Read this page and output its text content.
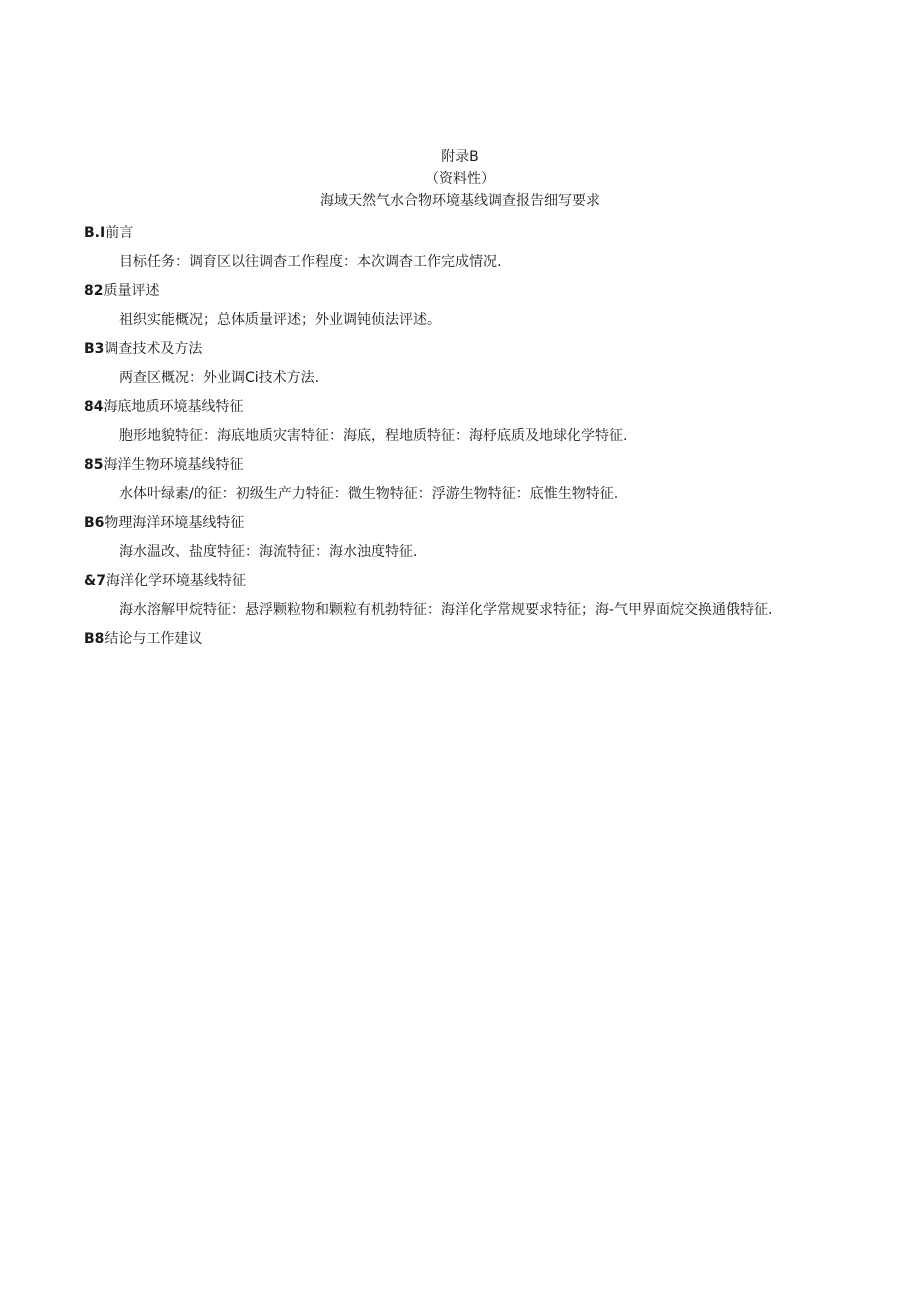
附录B
（资料性）
海域天然气水合物环境基线调查报告细写要求
B.I前言
目标任务：调育区以往调杳工作程度：本次调杳工作完成情况.
82质量评述
祖织实能概况；总体质量评述；外业调钝侦法评述。
B3调查技术及方法
两查区概况：外业调Ci技术方法.
84海底地质环境基线特征
胞形地貌特征：海底地质灾害特征：海底，程地质特征：海杼底质及地球化学特征.
85海洋生物环境基线特征
水体叶绿素/的征：初级生产力特征：微生物特征：浮游生物特征：底惟生物特征.
B6物理海洋环境基线特征
海水温改、盐度特征：海流特征：海水浊度特征.
&7海洋化学环境基线特征
海水溶解甲烷特征：悬浮颗粒物和颗粒有机勃特征：海洋化学常规要求特征；海-气甲界面烷交换通俄特征.
B8结论与工作建议
